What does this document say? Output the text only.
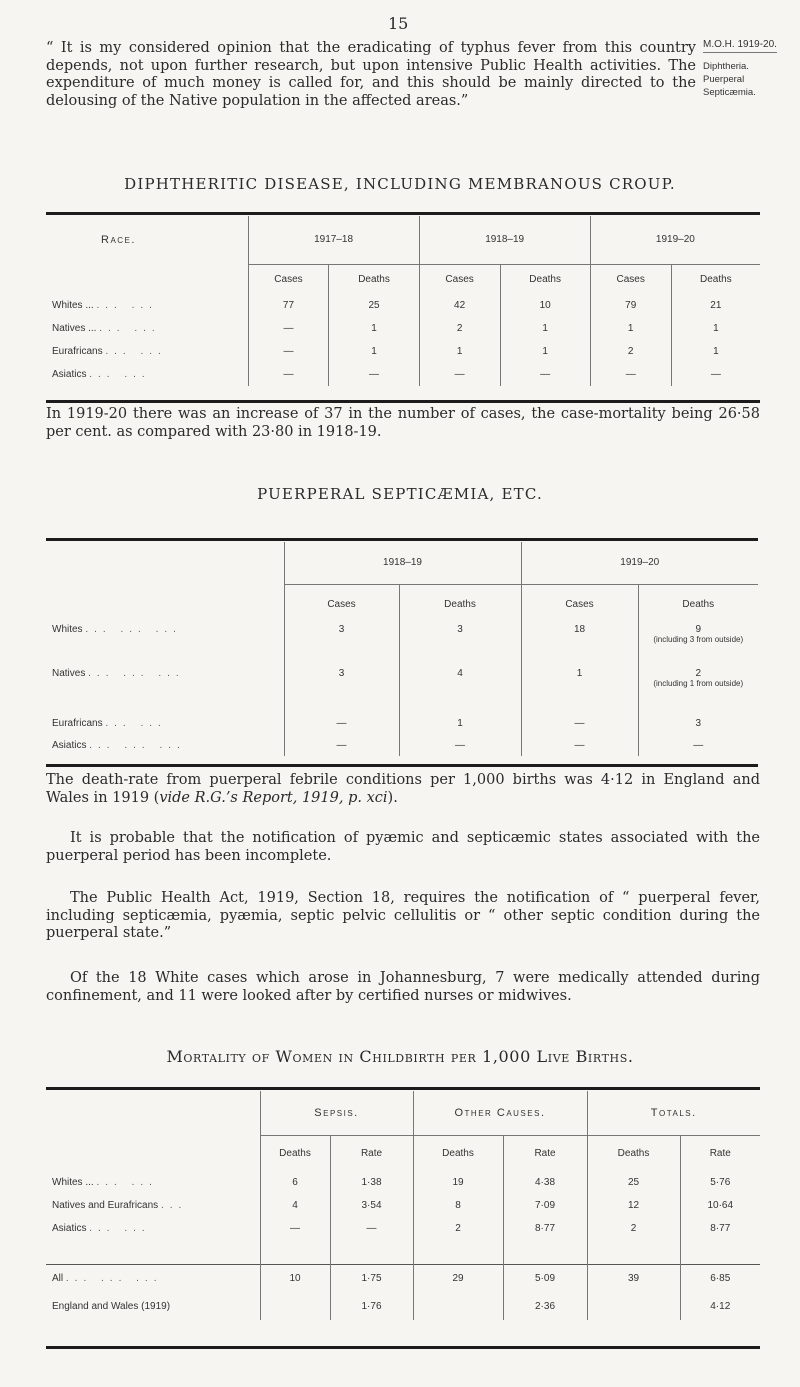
15
M.O.H. 1919-20.
Diphtheria.
Puerperal
Septicæmia.
“ It is my considered opinion that the eradicating of typhus fever from this country depends, not upon further research, but upon intensive Public Health activities. The expenditure of much money is called for, and this should be mainly directed to the delousing of the Native population in the affected areas.”
DIPHTHERITIC DISEASE, INCLUDING MEMBRANOUS CROUP.
Race.	1917–18		1918–19		1919–20	
	Cases	Deaths	Cases	Deaths	Cases	Deaths
Whites ... ... ...	77	25	42	10	79	21
Natives ... ... ...	—	1	2	1	1	1
Eurafricans ... ...	—	1	1	1	2	1
Asiatics ... ...	—	—	—	—	—	—
In 1919-20 there was an increase of 37 in the number of cases, the case-mortality being 26·58 per cent. as compared with 23·80 in 1918-19.
PUERPERAL SEPTICÆMIA, ETC.
	1918–19		1919–20	
	Cases	Deaths	Cases	Deaths
Whites ... ... ...	3	3	18	9
(including 3 from outside)

Natives ... ... ...	3	4	1	2
(including 1 from outside)

Eurafricans ... ...	—	1	—	3
Asiatics ... ... ...	—	—	—	—
The death-rate from puerperal febrile conditions per 1,000 births was 4·12 in England and Wales in 1919 (vide R.G.’s Report, 1919, p. xci).
It is probable that the notification of pyæmic and septicæmic states associated with the puerperal period has been incomplete.
The Public Health Act, 1919, Section 18, requires the notification of “ puerperal fever, including septicæmia, pyæmia, septic pelvic cellulitis or “ other septic condition during the puerperal state.”
Of the 18 White cases which arose in Johannesburg, 7 were medically attended during confinement, and 11 were looked after by certified nurses or midwives.
Mortality of Women in Childbirth per 1,000 Live Births.
	Sepsis.		Other Causes.		Totals.	
	Deaths	Rate	Deaths	Rate	Deaths	Rate
Whites ... ... ...	6	1·38	19	4·38	25	5·76
Natives and Eurafricans ...	4	3·54	8	7·09	12	10·64
Asiatics ... ...	—	—	2	8·77	2	8·77

All ... ... ...	10	1·75	29	5·09	39	6·85
England and Wales (1919)		1·76		2·36		4·12
